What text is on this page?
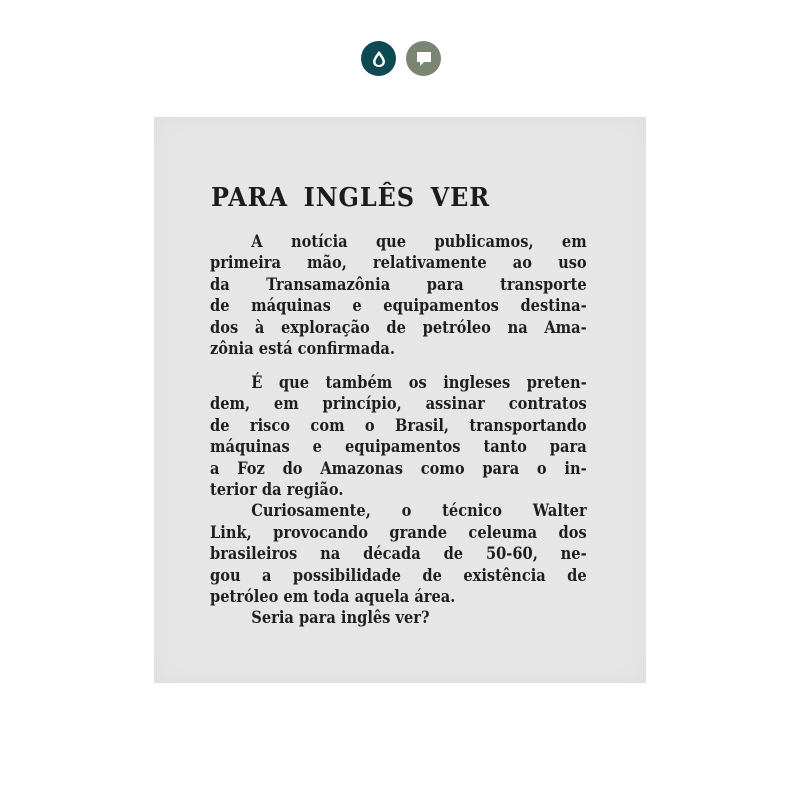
PARA INGLÊS VER
A notícia que publicamos, em
primeira mão, relativamente ao uso
da Transamazônia para transporte
de máquinas e equipamentos destina-
dos à exploração de petróleo na Ama-
zônia está confirmada.
É que também os ingleses preten-
dem, em princípio, assinar contratos
de risco com o Brasil, transportando
máquinas e equipamentos tanto para
a Foz do Amazonas como para o in-
terior da região.
Curiosamente, o técnico Walter
Link, provocando grande celeuma dos
brasileiros na década de 50-60, ne-
gou a possibilidade de existência de
petróleo em toda aquela área.
Seria para inglês ver?
